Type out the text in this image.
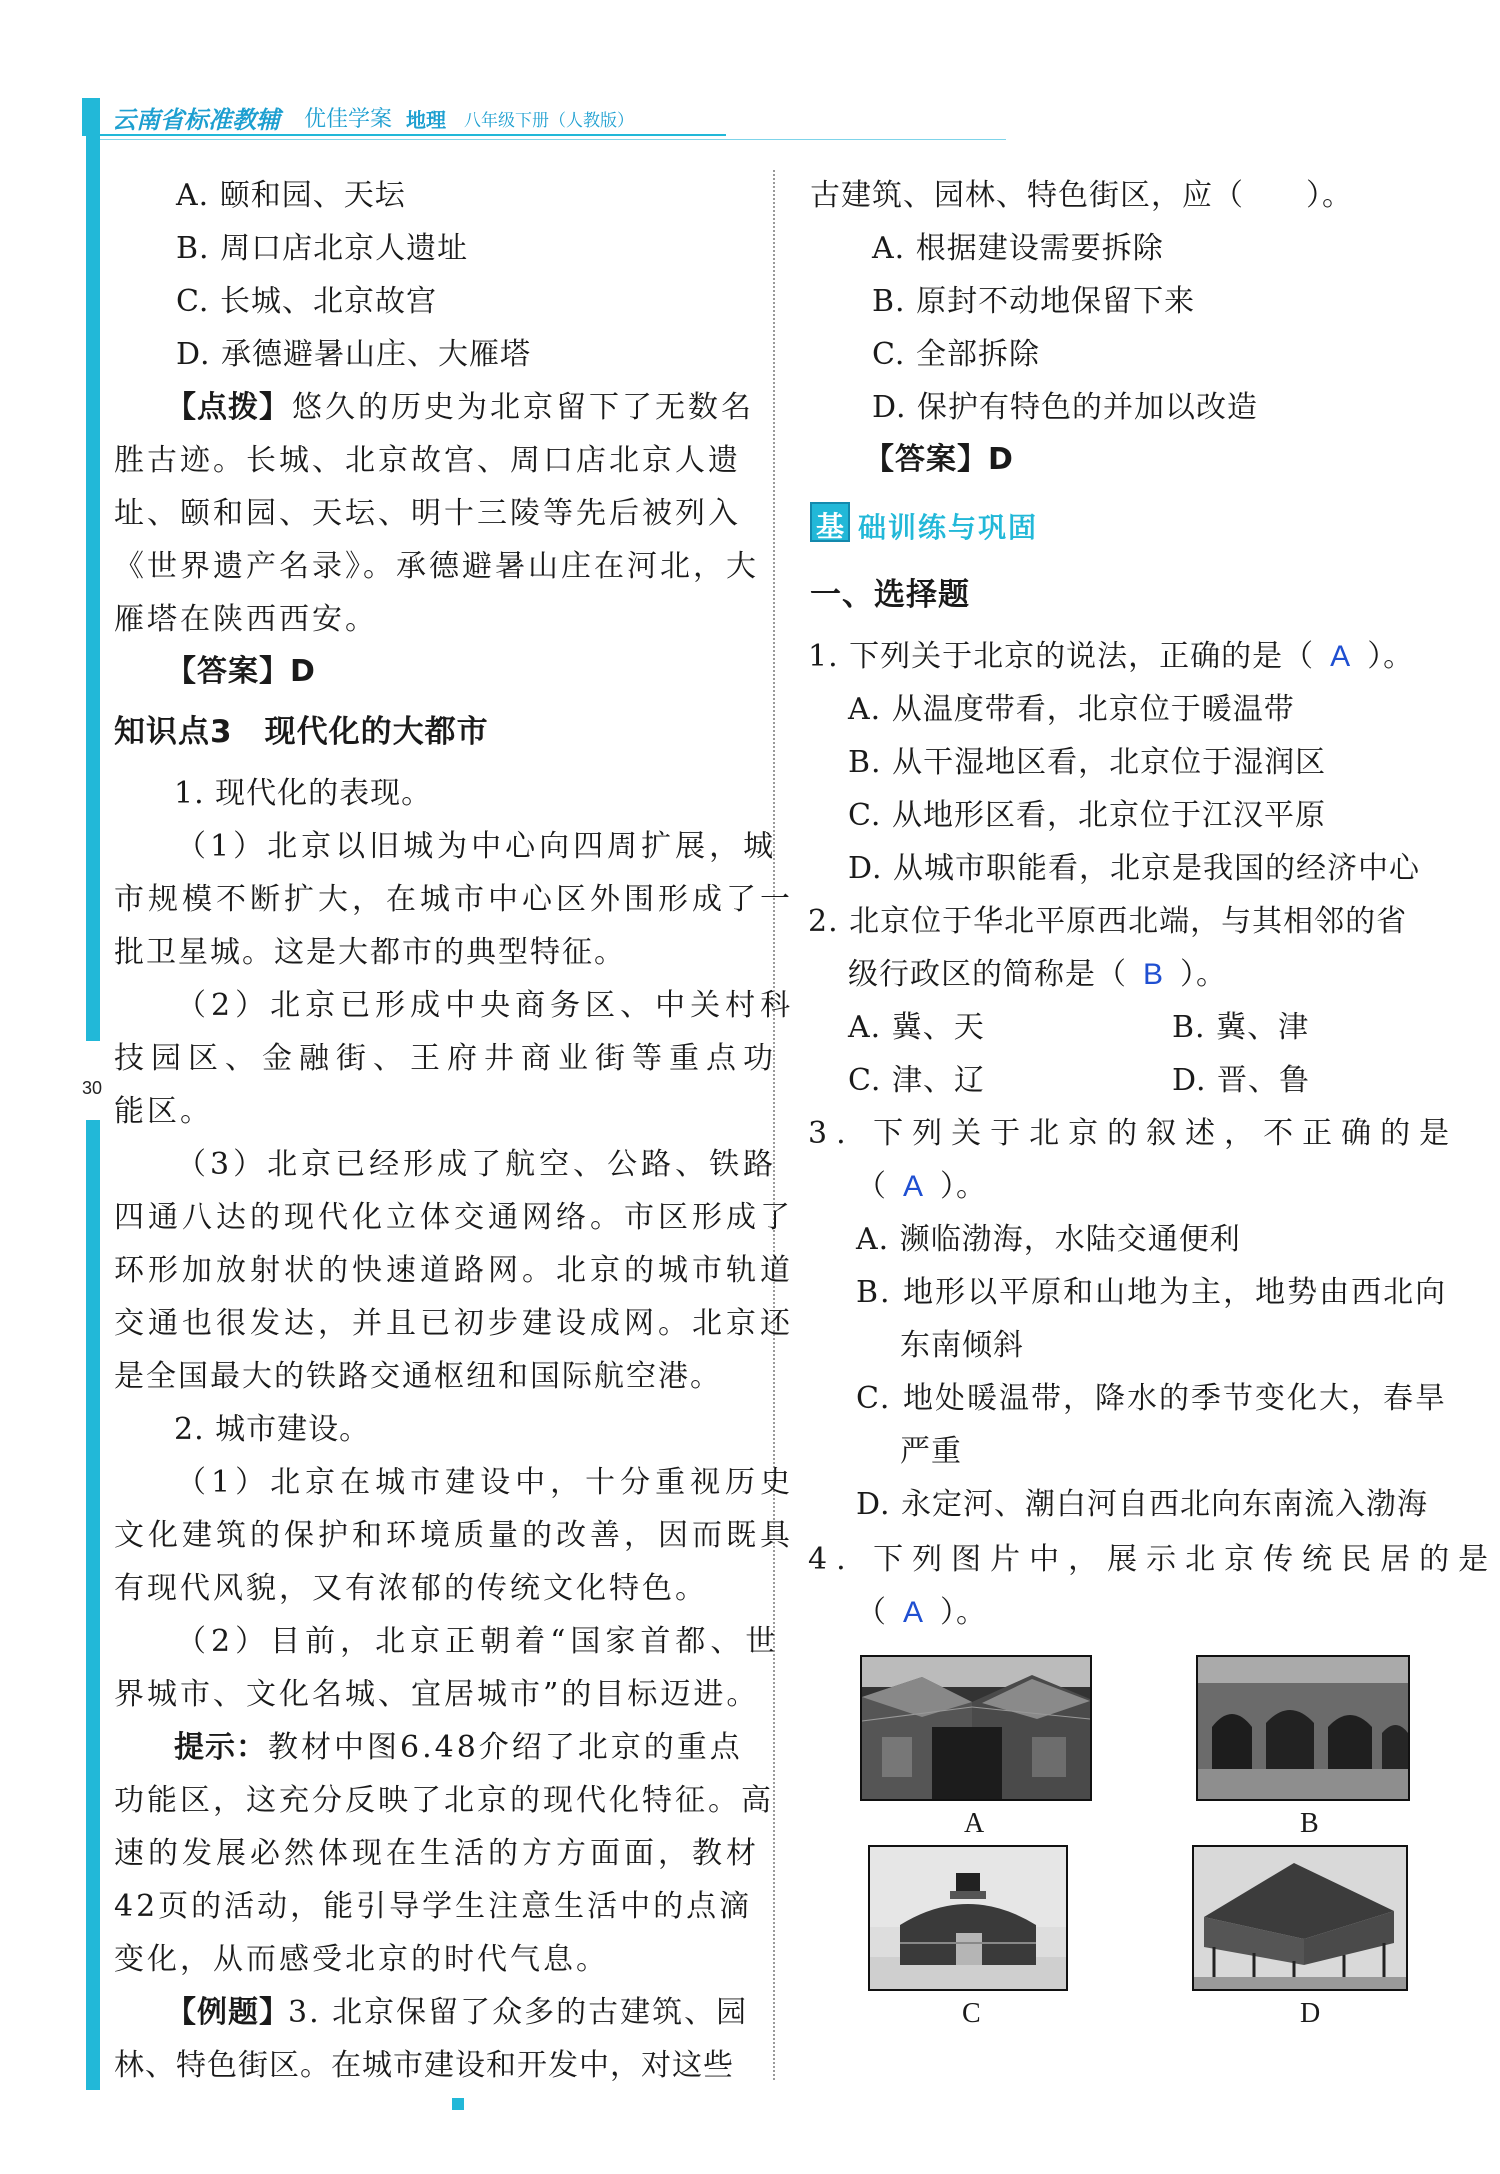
云南省标准教辅 优佳学案 地理 八年级下册（人教版）
30
A. 颐和园、天坛
B. 周口店北京人遗址
C. 长城、北京故宫
D. 承德避暑山庄、大雁塔
【点拨】 悠久的历史为北京留下了无数名
胜古迹。长城、北京故宫、周口店北京人遗
址、颐和园、天坛、明十三陵等先后被列入
《世界遗产名录》。承德避暑山庄在河北，大
雁塔在陕西西安。
【答案】D
知识点3　现代化的大都市
1. 现代化的表现。
（1）北京以旧城为中心向四周扩展，城
市规模不断扩大，在城市中心区外围形成了一
批卫星城。这是大都市的典型特征。
（2）北京已形成中央商务区、中关村科
技园区、金融街、王府井商业街等重点功
能区。
（3）北京已经形成了航空、公路、铁路
四通八达的现代化立体交通网络。市区形成了
环形加放射状的快速道路网。北京的城市轨道
交通也很发达，并且已初步建设成网。北京还
是全国最大的铁路交通枢纽和国际航空港。
2. 城市建设。
（1）北京在城市建设中，十分重视历史
文化建筑的保护和环境质量的改善，因而既具
有现代风貌，又有浓郁的传统文化特色。
（2）目前，北京正朝着“国家首都、世
界城市、文化名城、宜居城市”的目标迈进。
提示： 教材中图6.48介绍了北京的重点
功能区，这充分反映了北京的现代化特征。高
速的发展必然体现在生活的方方面面，教材
42页的活动，能引导学生注意生活中的点滴
变化，从而感受北京的时代气息。
【例题】
3. 北京保留了众多的古建筑、园
林、特色街区。在城市建设和开发中，对这些
古建筑、园林、特色街区，应（　　）。
A. 根据建设需要拆除
B. 原封不动地保留下来
C. 全部拆除
D. 保护有特色的并加以改造
【答案】D
基 础训练与巩固
一、选择题
1. 下列关于北京的说法，正确的是（ A ）。
A. 从温度带看，北京位于暖温带
B. 从干湿地区看，北京位于湿润区
C. 从地形区看，北京位于江汉平原
D. 从城市职能看，北京是我国的经济中心
2. 北京位于华北平原西北端，与其相邻的省
级行政区的简称是（ B ）。
A. 冀、天	B. 冀、津
C. 津、辽	D. 晋、鲁
3. 下列关于北京的叙述，不正确的是
（ A ）。
A. 濒临渤海，水陆交通便利
B. 地形以平原和山地为主，地势由西北向
东南倾斜
C. 地处暖温带，降水的季节变化大，春旱
严重
D. 永定河、潮白河自西北向东南流入渤海
4. 下列图片中，展示北京传统民居的是
（ A ）。
A	B
C	D
